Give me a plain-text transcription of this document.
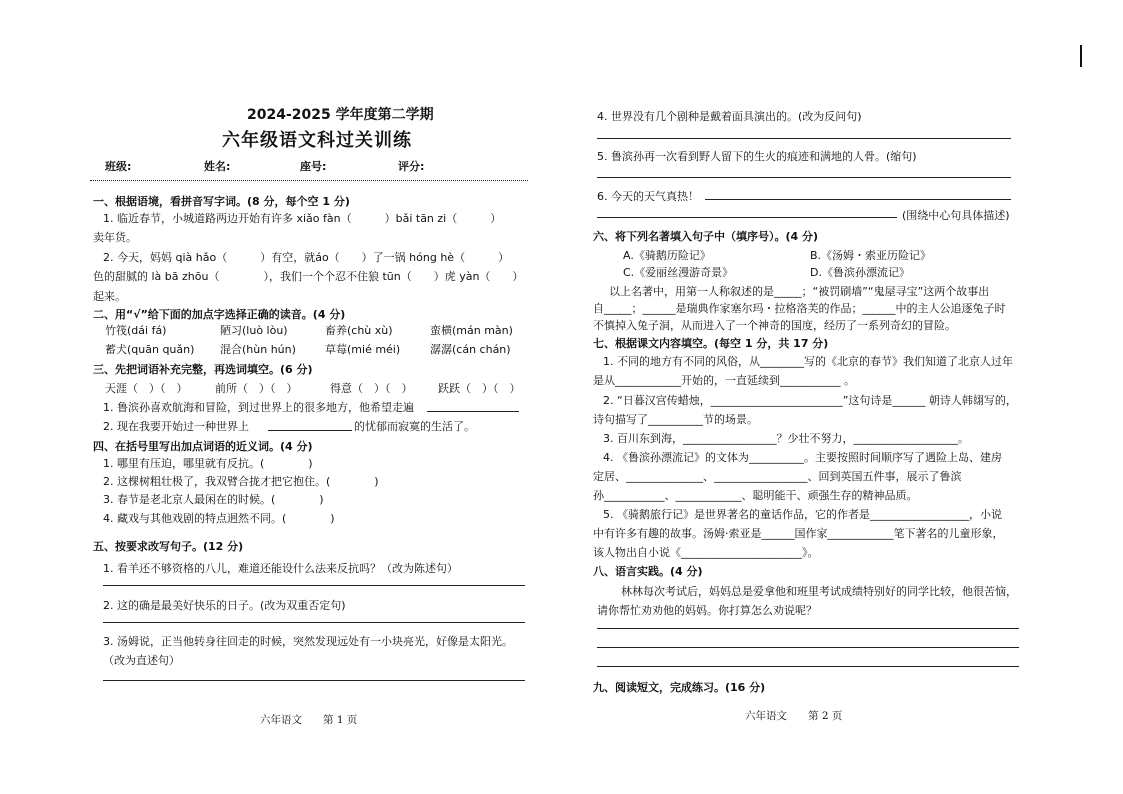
2024-2025 学年度第二学期
六年级语文科过关训练
班级:	姓名:	座号:	评分:
一、根据语境，看拼音写字词。(8 分，每个空 1 分)
1. 临近春节，小城道路两边开始有许多 xiǎo fàn（　　　）bǎi tān zi（　　　）
卖年货。
2. 今天，妈妈 qià hǎo（　　　）有空，就áo（　　）了一锅 hóng hè（　　　）
色的甜腻的 là bā zhōu（　　　　），我们一个个忍不住狼 tūn（　　）虎 yàn（　　）
起来。
二、用“√”给下面的加点字选择正确的读音。(4 分)
竹筏(dái fá)	陋习(luò lòu)	畜养(chù xù)	蛮横(mán màn)
蓄犬(quān quǎn) 混合(hùn hún)	草莓(mié méi)	潺潺(cán chán)
三、先把词语补充完整，再选词填空。(6 分)
天涯（　）（　）	前所（　）（　）	得意（　）（　） 跃跃（　）（　）
1. 鲁滨孙喜欢航海和冒险，到过世界上的很多地方，他希望走遍
2. 现在我要开始过一种世界上	的忧郁而寂寞的生活了。
四、在括号里写出加点词语的近义词。(4 分)
1. 哪里有压迫，哪里就有反抗。(　　　　)
2. 这棵树粗壮极了，我双臂合拢才把它抱住。(　　　　)
3. 春节是老北京人最闲在的时候。(　　　　)
4. 藏戏与其他戏剧的特点迥然不同。(　　　　)
五、按要求改写句子。(12 分)
1. 看羊还不够资格的八儿，难道还能设什么法来反抗吗？（改为陈述句）
2. 这的确是最美好快乐的日子。(改为双重否定句)
3. 汤姆说，正当他转身往回走的时候，突然发现远处有一小块亮光，好像是太阳光。
（改为直述句）
六年语文　　第 1 页
4. 世界没有几个剧种是戴着面具演出的。(改为反问句)
5. 鲁滨孙再一次看到野人留下的生火的痕迹和满地的人骨。(缩句)
6. 今天的天气真热！
(围绕中心句具体描述)
六、将下列名著填入句子中（填序号）。(4 分)
A.《骑鹅历险记》	B.《汤姆・索亚历险记》
C.《爱丽丝漫游奇景》	D.《鲁滨孙漂流记》
以上名著中，用第一人称叙述的是_____；“被罚刷墙”“鬼屋寻宝”这两个故事出
自_____；______是瑞典作家塞尔玛・拉格洛芙的作品；______中的主人公追逐兔子时
不慎掉入兔子洞，从而进入了一个神奇的国度，经历了一系列奇幻的冒险。
七、根据课文内容填空。(每空 1 分，共 17 分)
1. 不同的地方有不同的风俗，从________写的《北京的春节》我们知道了北京人过年
是从____________开始的，一直延续到___________ 。
2. “日暮汉宫传蜡烛，________________________”这句诗是______ 朝诗人韩翃写的，
诗句描写了__________节的场景。
3. 百川东到海，_________________？少壮不努力，___________________。
4. 《鲁滨孙漂流记》的文体为__________。主要按照时间顺序写了遇险上岛、建房
定居、______________、_________________、回到英国五件事，展示了鲁滨
孙___________、____________、聪明能干、顽强生存的精神品质。
5. 《骑鹅旅行记》是世界著名的童话作品，它的作者是__________________，小说
中有许多有趣的故事。汤姆·索亚是______国作家____________笔下著名的儿童形象，
该人物出自小说《______________________》。
八、语言实践。(4 分)
林林每次考试后，妈妈总是爱拿他和班里考试成绩特别好的同学比较，他很苦恼，
请你帮忙劝劝他的妈妈。你打算怎么劝说呢？
九、阅读短文，完成练习。(16 分)
六年语文　　第 2 页
